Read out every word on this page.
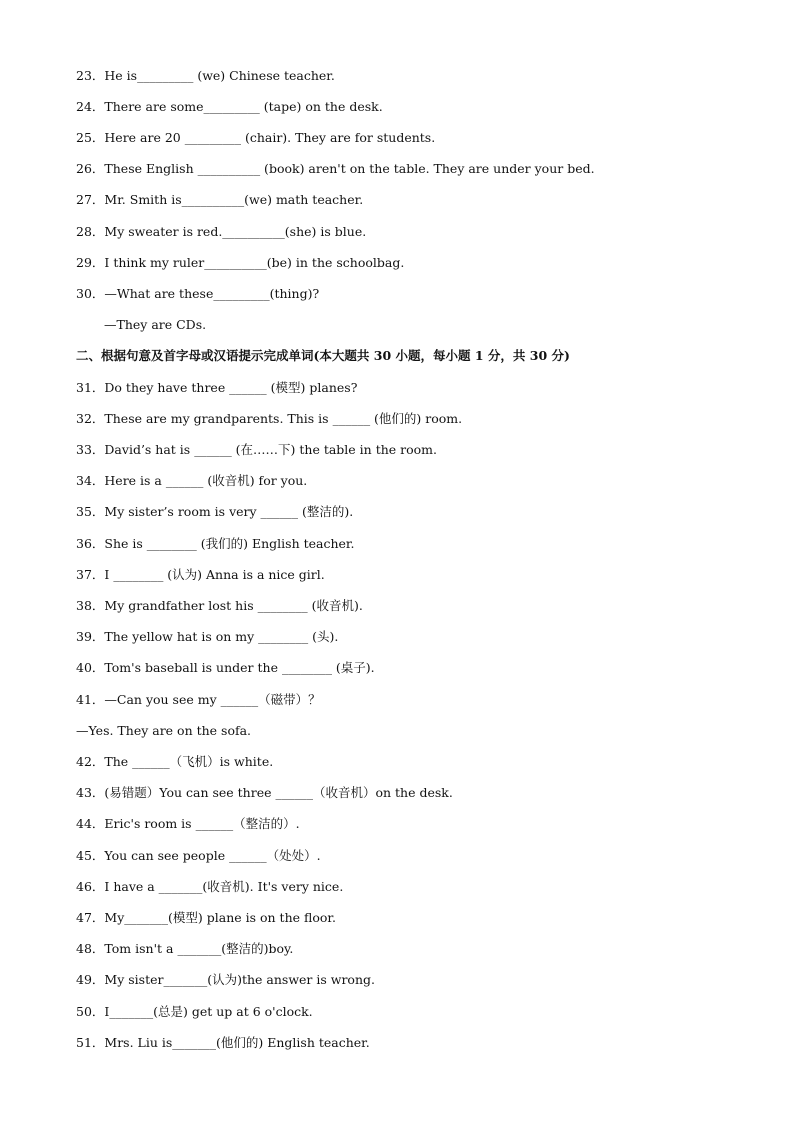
23．He is_________ (we) Chinese teacher.
24．There are some_________ (tape) on the desk.
25．Here are 20 _________ (chair). They are for students.
26．These English __________ (book) aren't on the table. They are under your bed.
27．Mr. Smith is__________(we) math teacher.
28．My sweater is red.__________(she) is blue.
29．I think my ruler__________(be) in the schoolbag.
30．—What are these_________(thing)?
—They are CDs.
二、根据句意及首字母或汉语提示完成单词(本大题共 30 小题，每小题 1 分，共 30 分)
31．Do they have three ______ (模型) planes?
32．These are my grandparents. This is ______ (他们的) room.
33．David’s hat is ______ (在……下) the table in the room.
34．Here is a ______ (收音机) for you.
35．My sister’s room is very ______ (整洁的).
36．She is ________ (我们的) English teacher.
37．I ________ (认为) Anna is a nice girl.
38．My grandfather lost his ________ (收音机).
39．The yellow hat is on my ________ (头).
40．Tom's baseball is under the ________ (桌子).
41．—Can you see my ______（磁带）？
—Yes. They are on the sofa.
42．The ______（飞机）is white.
43．(易错题）You can see three ______（收音机）on the desk.
44．Eric's room is ______（整洁的）.
45．You can see people ______（处处）.
46．I have a _______(收音机). It's very nice.
47．My_______(模型) plane is on the floor.
48．Tom isn't a _______(整洁的)boy.
49．My sister_______(认为)the answer is wrong.
50．I_______(总是) get up at 6 o'clock.
51．Mrs. Liu is_______(他们的) English teacher.
